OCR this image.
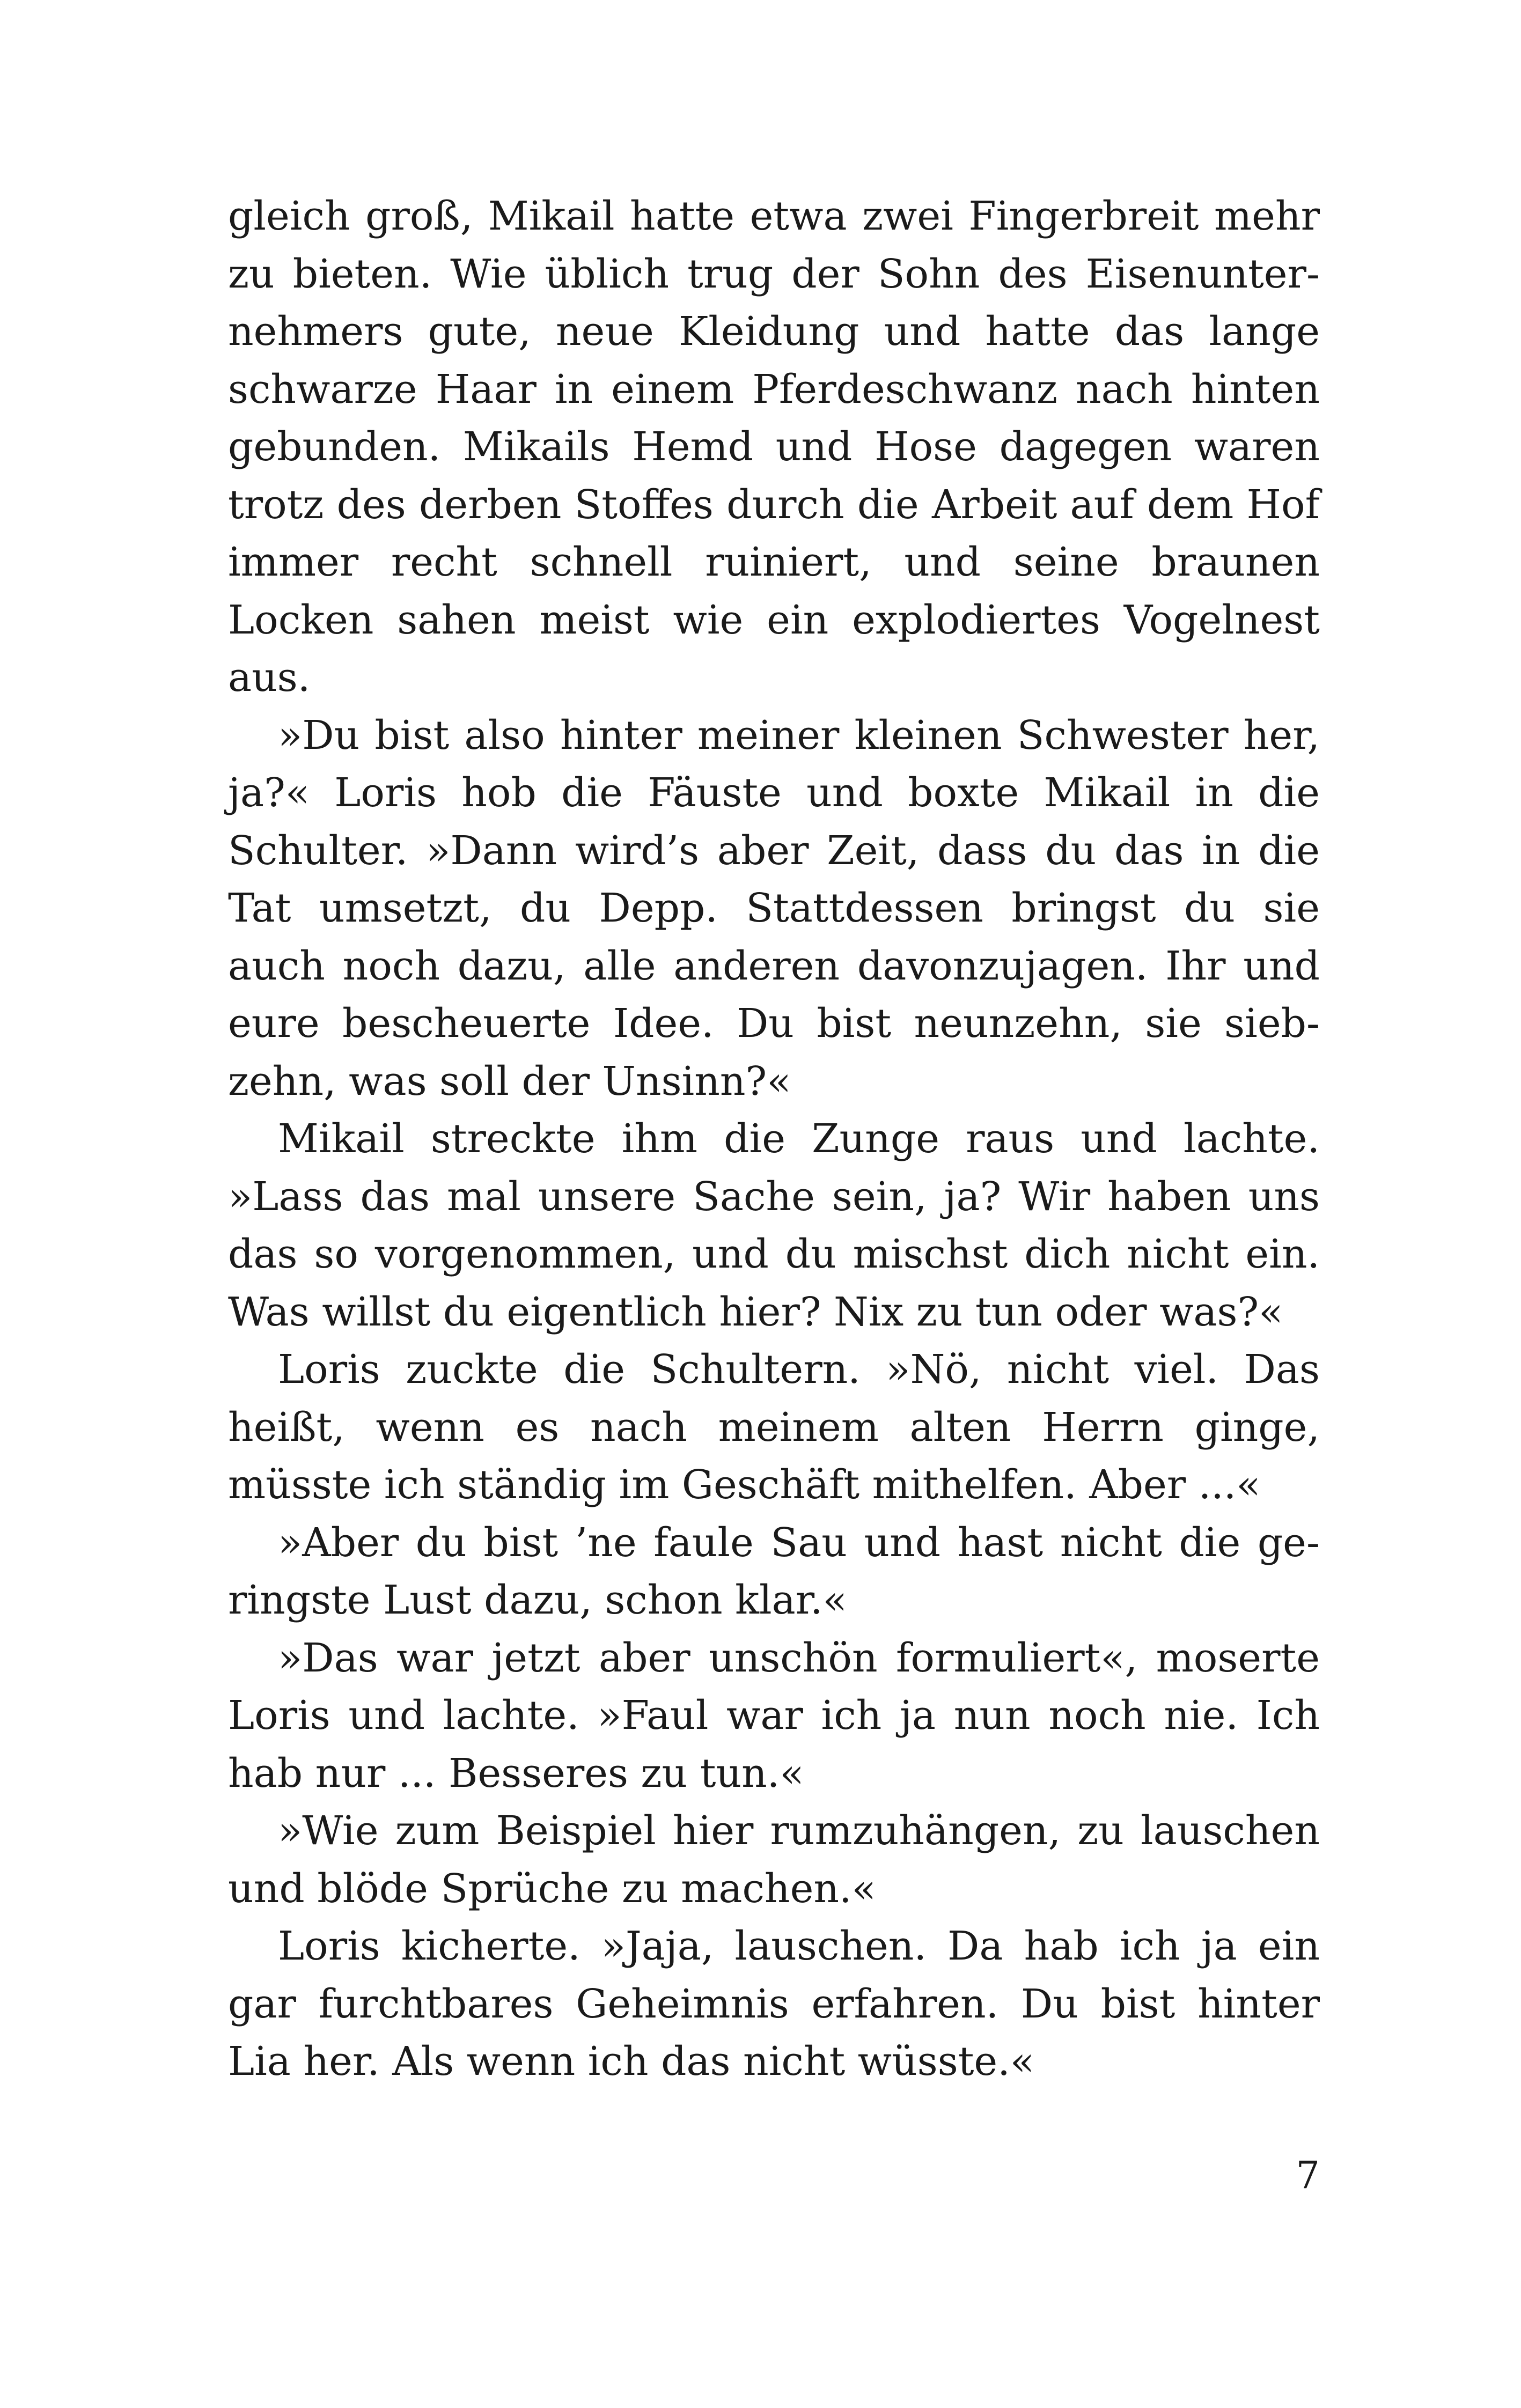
gleich groß, Mikail hatte etwa zwei Fingerbreit mehr zu bieten. Wie üblich trug der Sohn des Eisenunternehmers gute, neue Kleidung und hatte das lange schwarze Haar in einem Pferdeschwanz nach hinten gebunden. Mikails Hemd und Hose dagegen waren trotz des derben Stoffes durch die Arbeit auf dem Hof immer recht schnell ruiniert, und seine braunen Locken sahen meist wie ein explodiertes Vogelnest aus.

»Du bist also hinter meiner kleinen Schwester her, ja?« Loris hob die Fäuste und boxte Mikail in die Schulter. »Dann wird’s aber Zeit, dass du das in die Tat umsetzt, du Depp. Stattdessen bringst du sie auch noch dazu, alle anderen davonzujagen. Ihr und eure bescheuerte Idee. Du bist neunzehn, sie siebzehn, was soll der Unsinn?«

Mikail streckte ihm die Zunge raus und lachte. »Lass das mal unsere Sache sein, ja? Wir haben uns das so vorgenommen, und du mischst dich nicht ein. Was willst du eigentlich hier? Nix zu tun oder was?«

Loris zuckte die Schultern. »Nö, nicht viel. Das heißt, wenn es nach meinem alten Herrn ginge, müsste ich ständig im Geschäft mithelfen. Aber ...«

»Aber du bist ’ne faule Sau und hast nicht die geringste Lust dazu, schon klar.«

»Das war jetzt aber unschön formuliert«, moserte Loris und lachte. »Faul war ich ja nun noch nie. Ich hab nur ... Besseres zu tun.«

»Wie zum Beispiel hier rumzuhängen, zu lauschen und blöde Sprüche zu machen.«

Loris kicherte. »Jaja, lauschen. Da hab ich ja ein gar furchtbares Geheimnis erfahren. Du bist hinter Lia her. Als wenn ich das nicht wüsste.«

7
